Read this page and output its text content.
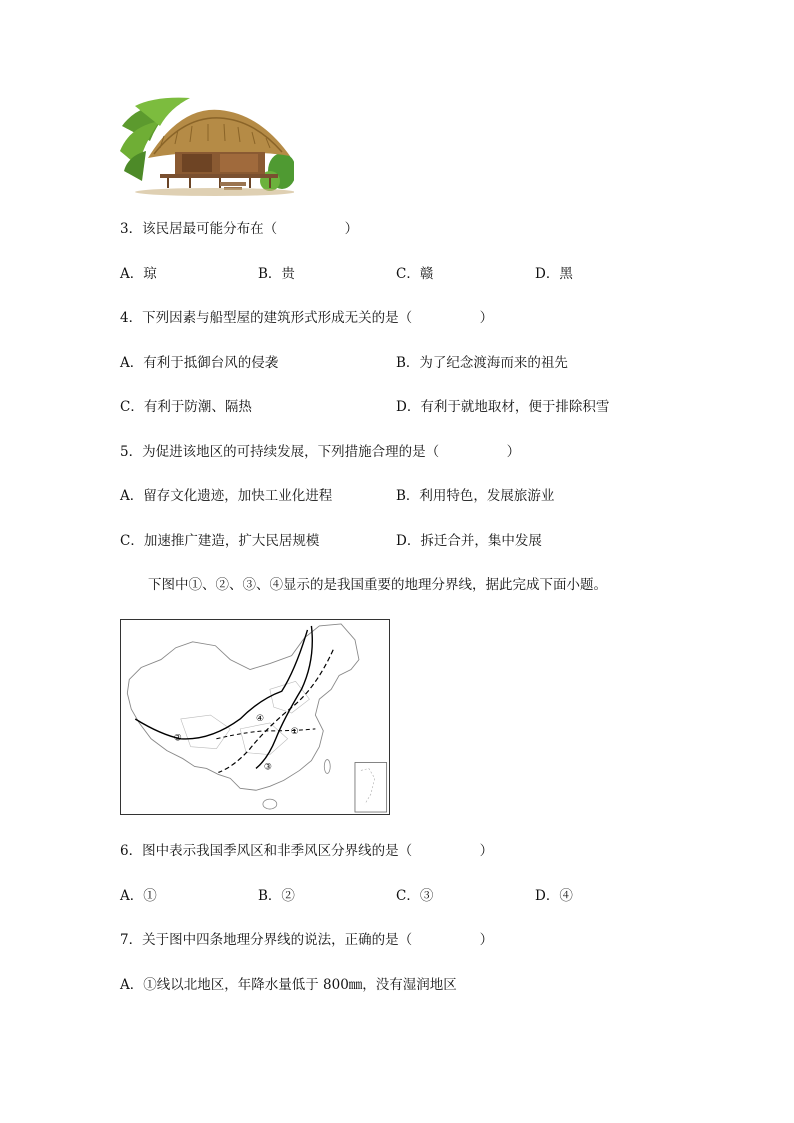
3．该民居最可能分布在（　　　　　）
A．琼	B．贵	C．赣	D．黑
4．下列因素与船型屋的建筑形式形成无关的是（　　　　　）
A．有利于抵御台风的侵袭	B．为了纪念渡海而来的祖先
C．有利于防潮、隔热	D．有利于就地取材，便于排除积雪
5．为促进该地区的可持续发展，下列措施合理的是（　　　　　）
A．留存文化遗迹，加快工业化进程	B．利用特色，发展旅游业
C．加速推广建造，扩大民居规模	D．拆迁合并，集中发展
下图中①、②、③、④显示的是我国重要的地理分界线，据此完成下面小题。
①
②
③
④
6．图中表示我国季风区和非季风区分界线的是（　　　　　）
A．①	B．②	C．③	D．④
7．关于图中四条地理分界线的说法，正确的是（　　　　　）
A．①线以北地区，年降水量低于 800㎜，没有湿润地区
